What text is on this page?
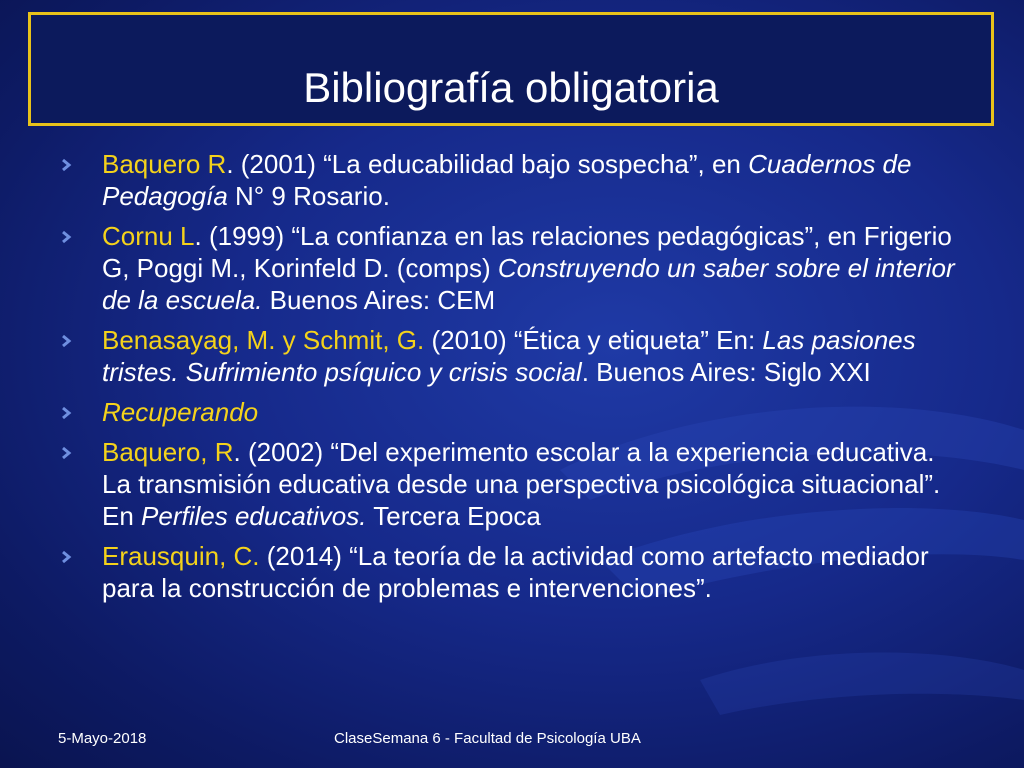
Bibliografía obligatoria
Baquero R. (2001) “La educabilidad bajo sospecha”, en Cuadernos de Pedagogía N° 9 Rosario.
Cornu L. (1999) “La confianza en las relaciones pedagógicas”, en Frigerio G, Poggi M., Korinfeld D. (comps) Construyendo un saber sobre el interior de la escuela. Buenos Aires: CEM
Benasayag, M. y Schmit, G. (2010) “Ética y etiqueta” En: Las pasiones tristes. Sufrimiento psíquico y crisis social. Buenos Aires: Siglo XXI
Recuperando
Baquero, R. (2002) “Del experimento escolar a la experiencia educativa. La transmisión educativa desde una perspectiva psicológica situacional”. En Perfiles educativos. Tercera Epoca
Erausquin, C. (2014) “La teoría de la actividad como artefacto mediador para la construcción de problemas e intervenciones”.
5-Mayo-2018	ClaseSemana 6 - Facultad de Psicología UBA
